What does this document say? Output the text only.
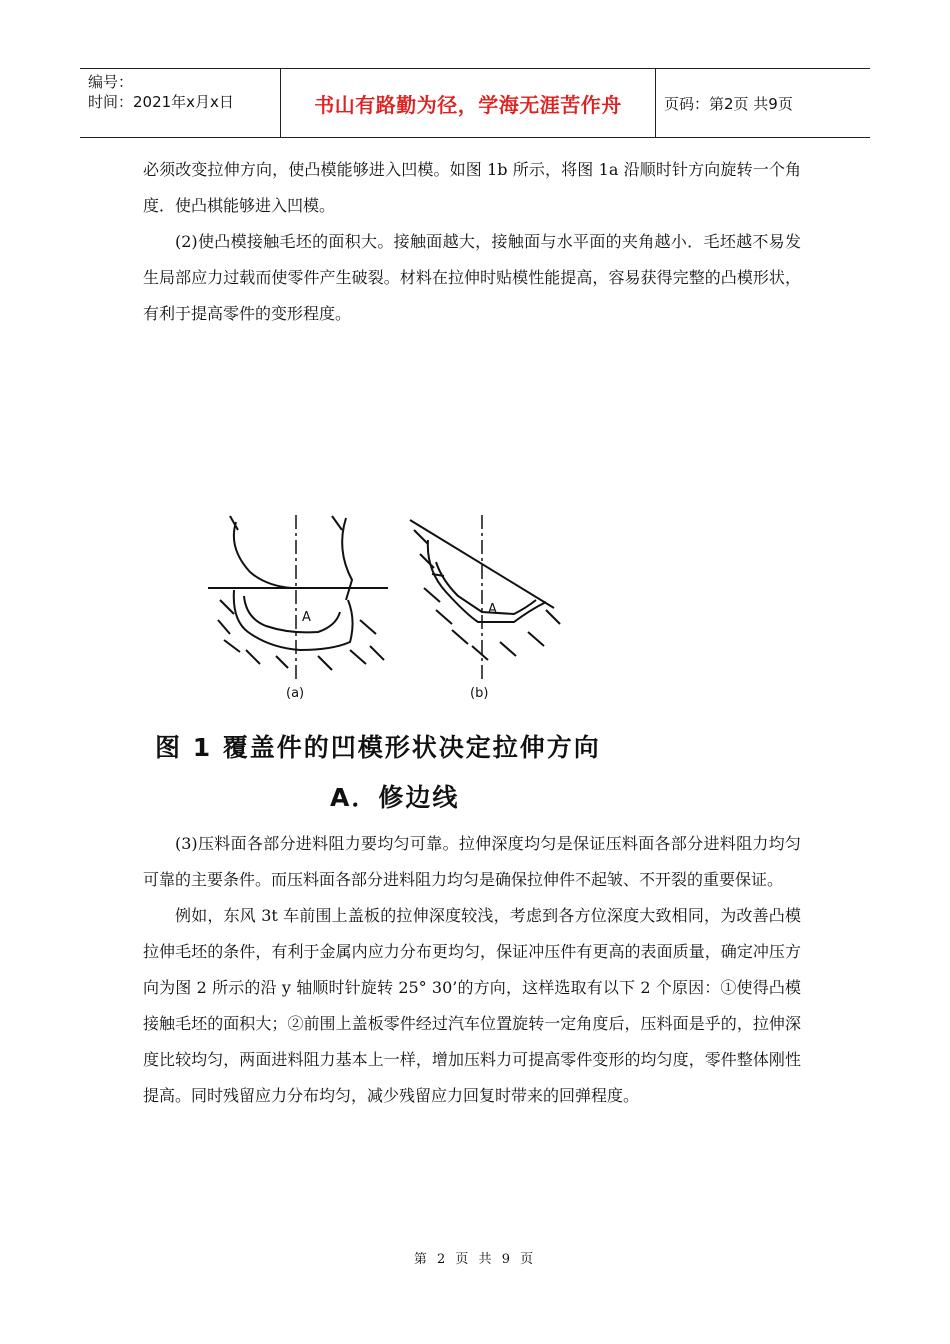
编号：
时间：2021年x月x日	书山有路勤为径，学海无涯苦作舟	页码：第2页 共9页

必须改变拉伸方向，使凸模能够进入凹模。如图 1b 所示，将图 1a 沿顺时针方向旋转一个角度．使凸棋能够进入凹模。

(2)使凸模接触毛坯的面积大。接触面越大，接触面与水平面的夹角越小．毛坯越不易发生局部应力过载而使零件产生破裂。材料在拉伸时贴模性能提高，容易获得完整的凸模形状，有利于提高零件的变形程度。

A
A
(a)	(b)
图 1 覆盖件的凹模形状决定拉伸方向
A．修边线

(3)压料面各部分进料阻力要均匀可靠。拉伸深度均匀是保证压料面各部分进料阻力均匀可靠的主要条件。而压料面各部分进料阻力均匀是确保拉伸件不起皱、不开裂的重要保证。

例如，东风 3t 车前围上盖板的拉伸深度较浅，考虑到各方位深度大致相同，为改善凸模拉伸毛坯的条件，有利于金属内应力分布更均匀，保证冲压件有更高的表面质量，确定冲压方向为图 2 所示的沿 y 轴顺时针旋转 25° 30’的方向，这样选取有以下 2 个原因：①使得凸模接触毛坯的面积大；②前围上盖板零件经过汽车位置旋转一定角度后，压料面是乎的，拉伸深度比较均匀，两面进料阻力基本上一样，增加压料力可提高零件变形的均匀度，零件整体刚性提高。同时残留应力分布均匀，减少残留应力回复时带来的回弹程度。

第 2 页 共 9 页
